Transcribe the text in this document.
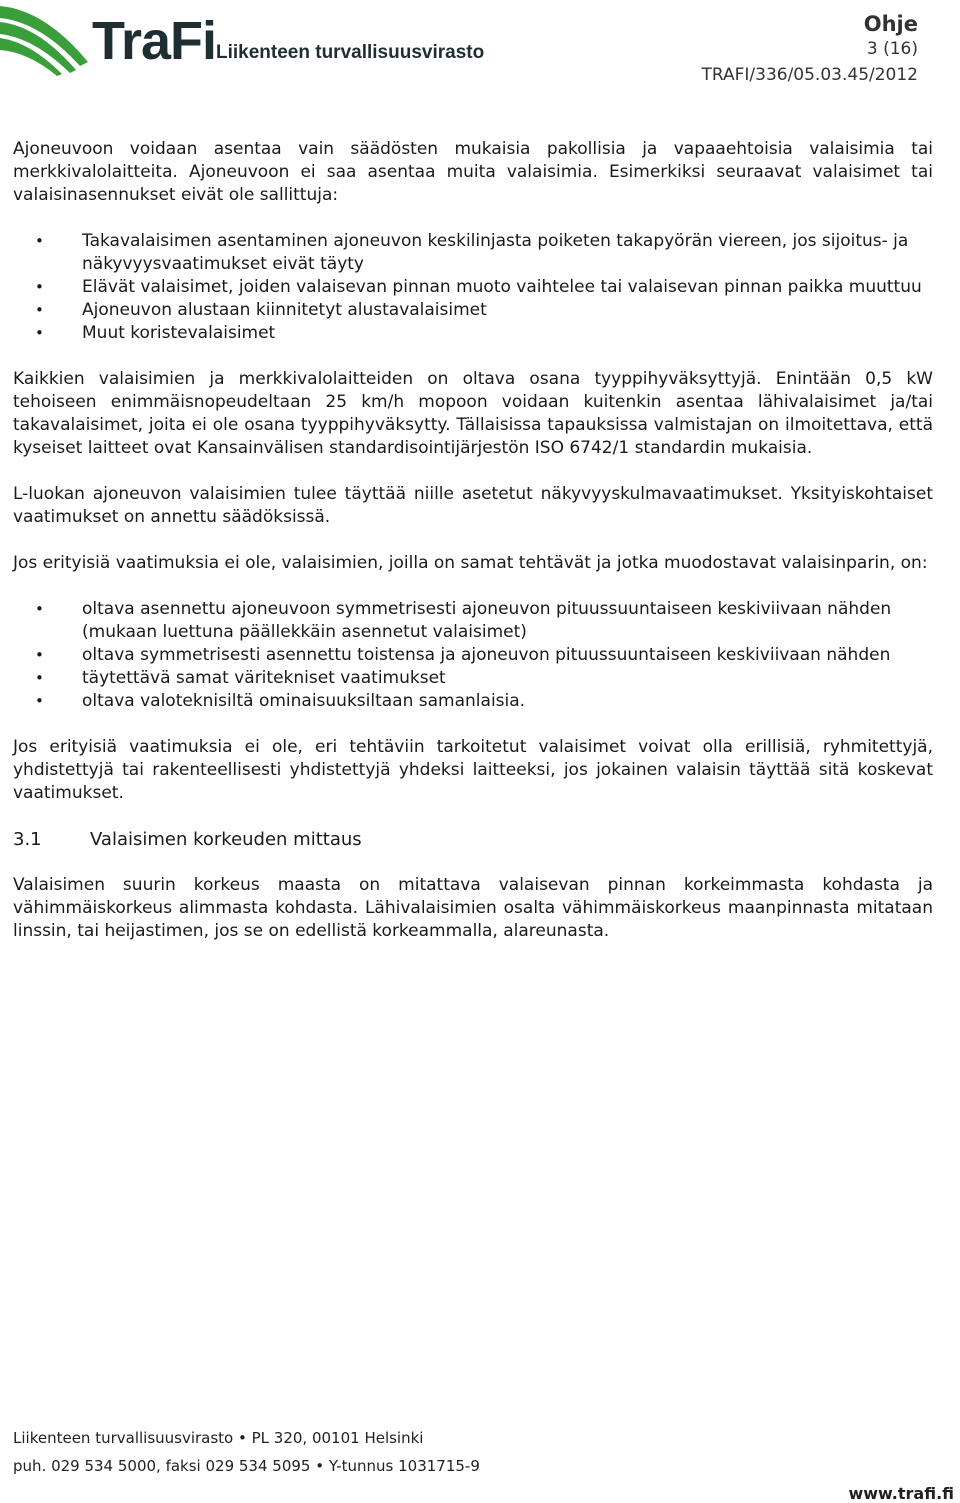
TraFi Liikenteen turvallisuusvirasto
Ohje
3 (16)
TRAFI/336/05.03.45/2012

Ajoneuvoon voidaan asentaa vain säädösten mukaisia pakollisia ja vapaaehtoisia valaisimia tai merkkivalolaitteita. Ajoneuvoon ei saa asentaa muita valaisimia. Esimerkiksi seuraavat valaisimet tai valaisinasennukset eivät ole sallittuja:

• Takavalaisimen asentaminen ajoneuvon keskilinjasta poiketen takapyörän viereen, jos sijoitus- ja näkyvyysvaatimukset eivät täyty
• Elävät valaisimet, joiden valaisevan pinnan muoto vaihtelee tai valaisevan pinnan paikka muuttuu
• Ajoneuvon alustaan kiinnitetyt alustavalaisimet
• Muut koristevalaisimet

Kaikkien valaisimien ja merkkivalolaitteiden on oltava osana tyyppihyväksyttyjä. Enintään 0,5 kW tehoiseen enimmäisnopeudeltaan 25 km/h mopoon voidaan kuitenkin asentaa lähivalaisimet ja/tai takavalaisimet, joita ei ole osana tyyppihyväksytty. Tällaisissa tapauksissa valmistajan on ilmoitettava, että kyseiset laitteet ovat Kansainvälisen standardisointijärjestön ISO 6742/1 standardin mukaisia.

L-luokan ajoneuvon valaisimien tulee täyttää niille asetetut näkyvyyskulmavaatimukset. Yksityiskohtaiset vaatimukset on annettu säädöksissä.

Jos erityisiä vaatimuksia ei ole, valaisimien, joilla on samat tehtävät ja jotka muodostavat valaisinparin, on:

• oltava asennettu ajoneuvoon symmetrisesti ajoneuvon pituussuuntaiseen keskiviivaan nähden (mukaan luettuna päällekkäin asennetut valaisimet)
• oltava symmetrisesti asennettu toistensa ja ajoneuvon pituussuuntaiseen keskiviivaan nähden
• täytettävä samat väritekniset vaatimukset
• oltava valoteknisiltä ominaisuuksiltaan samanlaisia.

Jos erityisiä vaatimuksia ei ole, eri tehtäviin tarkoitetut valaisimet voivat olla erillisiä, ryhmitettyjä, yhdistettyjä tai rakenteellisesti yhdistettyjä yhdeksi laitteeksi, jos jokainen valaisin täyttää sitä koskevat vaatimukset.

3.1	Valaisimen korkeuden mittaus

Valaisimen suurin korkeus maasta on mitattava valaisevan pinnan korkeimmasta kohdasta ja vähimmäiskorkeus alimmasta kohdasta. Lähivalaisimien osalta vähimmäiskorkeus maanpinnasta mitataan linssin, tai heijastimen, jos se on edellistä korkeammalla, alareunasta.

Liikenteen turvallisuusvirasto • PL 320, 00101 Helsinki
puh. 029 534 5000, faksi 029 534 5095 • Y-tunnus 1031715-9
www.trafi.fi
